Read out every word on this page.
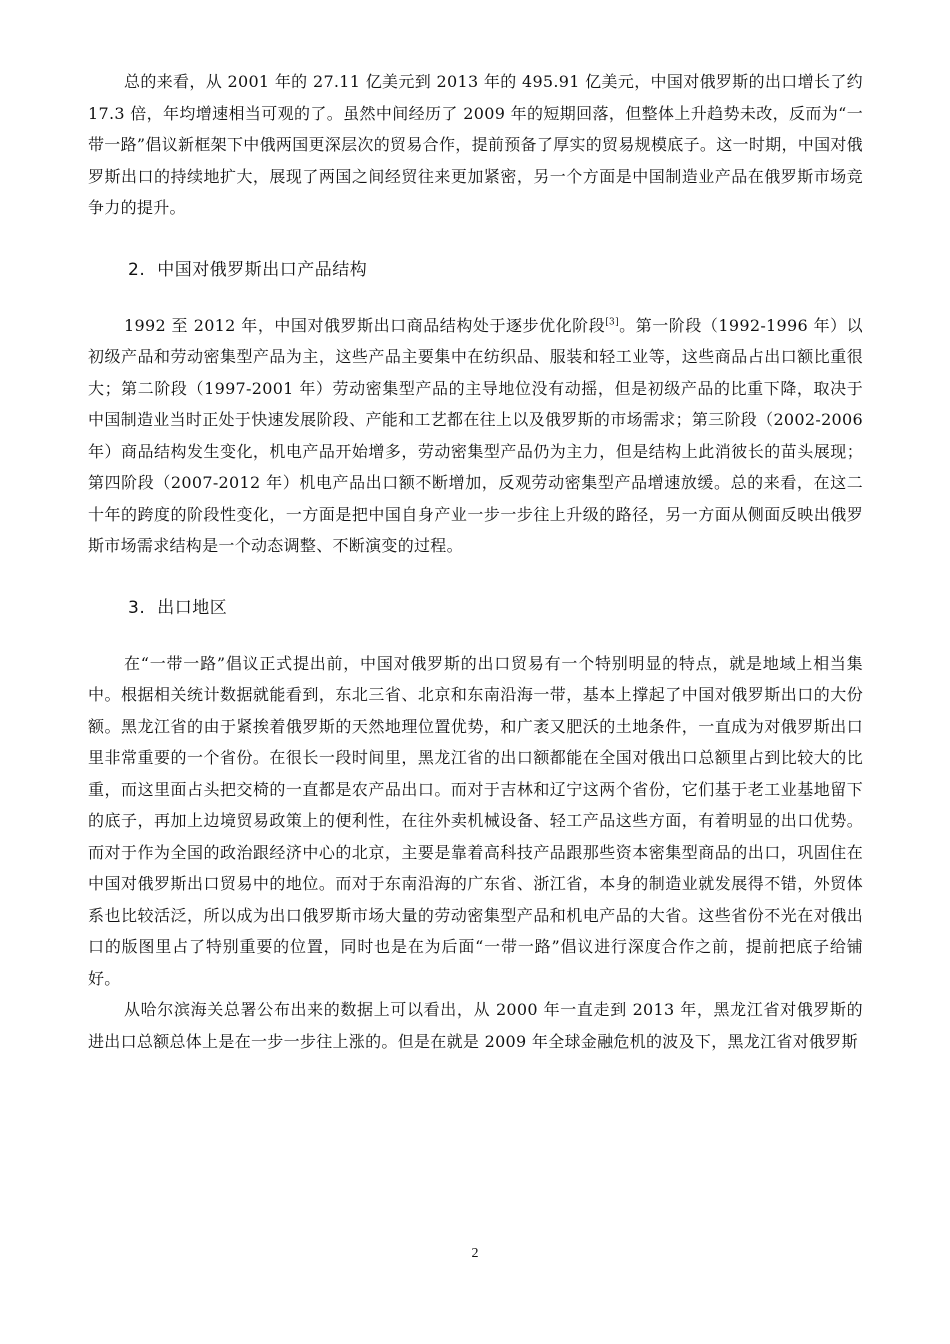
总的来看，从 2001 年的 27.11 亿美元到 2013 年的 495.91 亿美元，中国对俄罗斯的出口增长了约 17.3 倍，年均增速相当可观的了。虽然中间经历了 2009 年的短期回落，但整体上升趋势未改，反而为“一带一路”倡议新框架下中俄两国更深层次的贸易合作，提前预备了厚实的贸易规模底子。这一时期，中国对俄罗斯出口的持续地扩大，展现了两国之间经贸往来更加紧密，另一个方面是中国制造业产品在俄罗斯市场竞争力的提升。

2. 中国对俄罗斯出口产品结构

1992 至 2012 年，中国对俄罗斯出口商品结构处于逐步优化阶段[3]。第一阶段（1992-1996 年）以初级产品和劳动密集型产品为主，这些产品主要集中在纺织品、服装和轻工业等，这些商品占出口额比重很大；第二阶段（1997-2001 年）劳动密集型产品的主导地位没有动摇，但是初级产品的比重下降，取决于中国制造业当时正处于快速发展阶段、产能和工艺都在往上以及俄罗斯的市场需求；第三阶段（2002-2006 年）商品结构发生变化，机电产品开始增多，劳动密集型产品仍为主力，但是结构上此消彼长的苗头展现；第四阶段（2007-2012 年）机电产品出口额不断增加，反观劳动密集型产品增速放缓。总的来看，在这二十年的跨度的阶段性变化，一方面是把中国自身产业一步一步往上升级的路径，另一方面从侧面反映出俄罗斯市场需求结构是一个动态调整、不断演变的过程。

3. 出口地区

在“一带一路”倡议正式提出前，中国对俄罗斯的出口贸易有一个特别明显的特点，就是地域上相当集中。根据相关统计数据就能看到，东北三省、北京和东南沿海一带，基本上撑起了中国对俄罗斯出口的大份额。黑龙江省的由于紧挨着俄罗斯的天然地理位置优势，和广袤又肥沃的土地条件，一直成为对俄罗斯出口里非常重要的一个省份。在很长一段时间里，黑龙江省的出口额都能在全国对俄出口总额里占到比较大的比重，而这里面占头把交椅的一直都是农产品出口。而对于吉林和辽宁这两个省份，它们基于老工业基地留下的底子，再加上边境贸易政策上的便利性，在往外卖机械设备、轻工产品这些方面，有着明显的出口优势。而对于作为全国的政治跟经济中心的北京，主要是靠着高科技产品跟那些资本密集型商品的出口，巩固住在中国对俄罗斯出口贸易中的地位。而对于东南沿海的广东省、浙江省，本身的制造业就发展得不错，外贸体系也比较活泛，所以成为出口俄罗斯市场大量的劳动密集型产品和机电产品的大省。这些省份不光在对俄出口的版图里占了特别重要的位置，同时也是在为后面“一带一路”倡议进行深度合作之前，提前把底子给铺好。

从哈尔滨海关总署公布出来的数据上可以看出，从 2000 年一直走到 2013 年，黑龙江省对俄罗斯的进出口总额总体上是在一步一步往上涨的。但是在就是 2009 年全球金融危机的波及下，黑龙江省对俄罗斯

2
